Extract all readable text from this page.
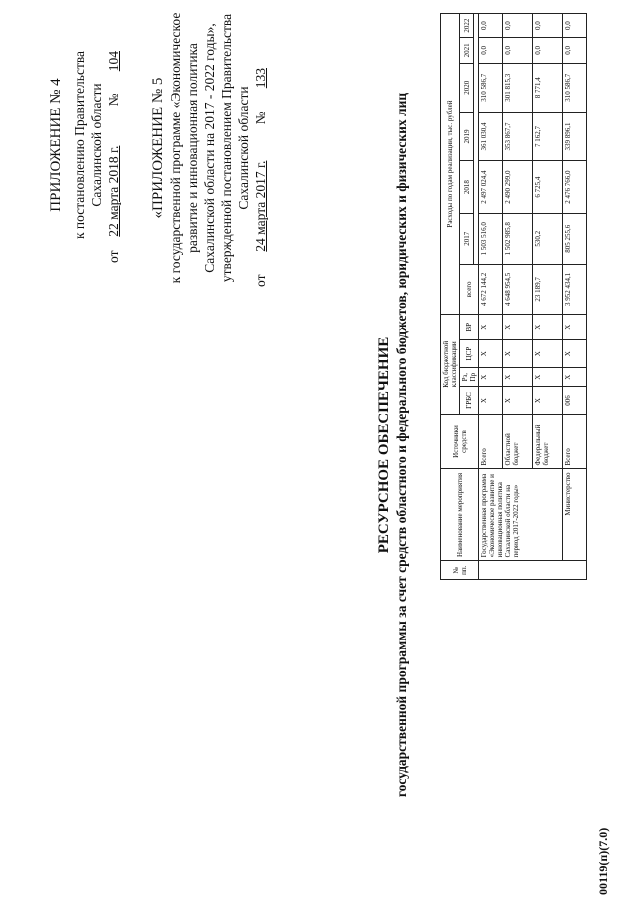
ПРИЛОЖЕНИЕ № 4 к постановлению Правительства Сахалинской области
от 22 марта 2018 г.  № 104
«ПРИЛОЖЕНИЕ № 5 к государственной программе «Экономическое развитие и инновационная политика Сахалинской области на 2017 - 2022 годы», утвержденной постановлением Правительства Сахалинской области
от 24 марта 2017 г.  № 133
РЕСУРСНОЕ ОБЕСПЕЧЕНИЕ государственной программы за счет средств областного и федерального бюджетов, юридических и физических лиц	№ пп.	Наименование мероприятия	Источники средств	Код бюджетной классификации				Расходы по годам реализации, тыс. рублей						
			ГРБС	Рз, Пр	ЦСР	ВР	всего	2017	2018	2019	2020	2021	2022

	Государственная программа «Экономическое развитие и инновационная политика Сахалинской области на период 2017-2022 годы»	Всего	Х	Х	Х	Х	4 672 144,2	1 503 516,0	2 497 024,4	361 030,4	310 586,7	0,0	0,0
		Областной бюджет	Х	Х	Х	Х	4 648 954,5	1 502 985,8	2 490 299,0	353 867,7	301 815,3	0,0	0,0
		Федеральный бюджет	Х	Х	Х	Х	23 189,7	530,2	6 725,4	7 162,7	8 771,4	0,0	0,0
	Министерство	Всего	006	Х	Х	Х	3 952 434,1	805 255,6	2 476 766,0	339 896,1	310 586,7	0,0	0,0
00119(п)(7.0)
